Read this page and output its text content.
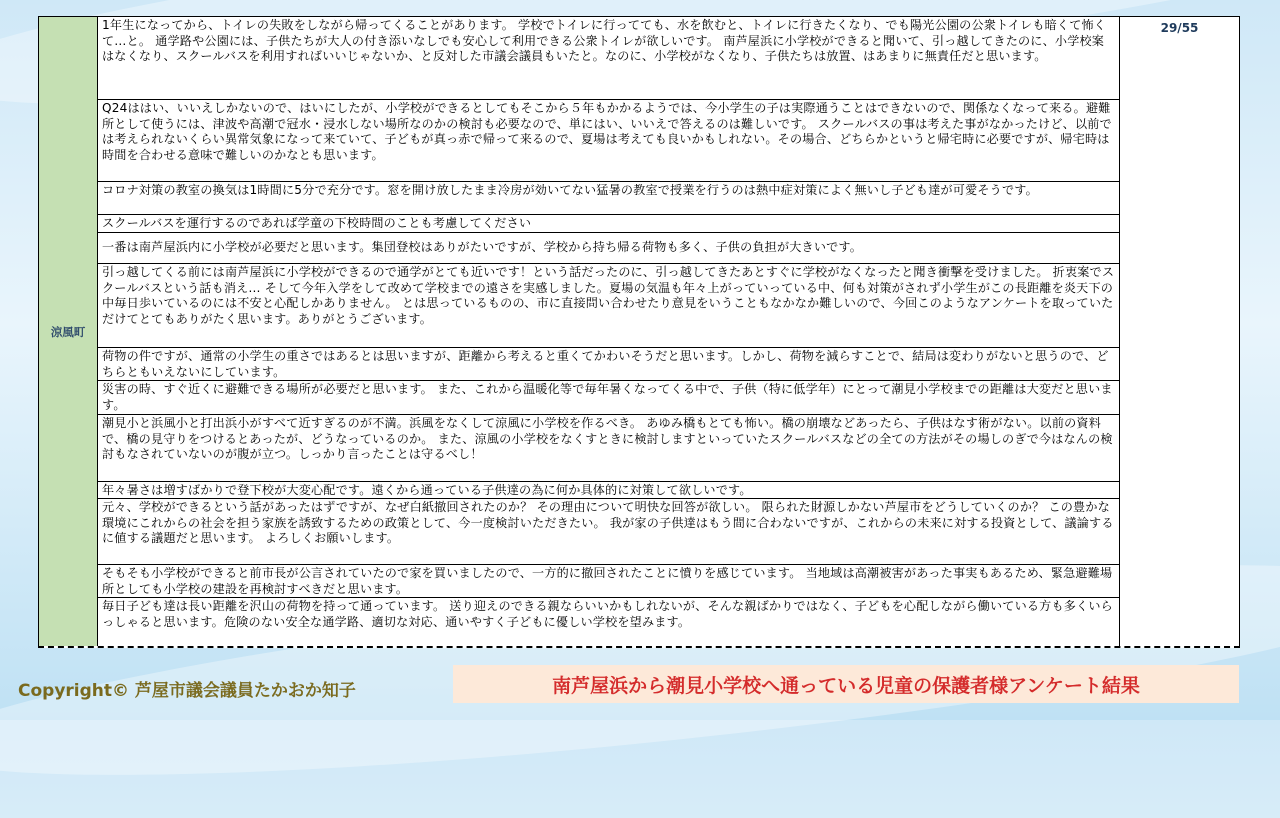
涼風町
1年生になってから、トイレの失敗をしながら帰ってくることがあります。 学校でトイレに行ってても、水を飲むと、トイレに行きたくなり、でも陽光公園の公衆トイレも暗くて怖くて…と。 通学路や公園には、子供たちが大人の付き添いなしでも安心して利用できる公衆トイレが欲しいです。 南芦屋浜に小学校ができると聞いて、引っ越してきたのに、小学校案はなくなり、スクールバスを利用すればいいじゃないか、と反対した市議会議員もいたと。なのに、小学校がなくなり、子供たちは放置、はあまりに無責任だと思います。
Q24ははい、いいえしかないので、はいにしたが、小学校ができるとしてもそこから５年もかかるようでは、今小学生の子は実際通うことはできないので、関係なくなって来る。避難所として使うには、津波や高潮で冠水・浸水しない場所なのかの検討も必要なので、単にはい、いいえで答えるのは難しいです。 スクールバスの事は考えた事がなかったけど、以前では考えられないくらい異常気象になって来ていて、子どもが真っ赤で帰って来るので、夏場は考えても良いかもしれない。その場合、どちらかというと帰宅時に必要ですが、帰宅時は時間を合わせる意味で難しいのかなとも思います。
コロナ対策の教室の換気は1時間に5分で充分です。窓を開け放したまま冷房が効いてない猛暑の教室で授業を行うのは熱中症対策によく無いし子ども達が可愛そうです。
スクールバスを運行するのであれば学童の下校時間のことも考慮してください
一番は南芦屋浜内に小学校が必要だと思います。集団登校はありがたいですが、学校から持ち帰る荷物も多く、子供の負担が大きいです。
引っ越してくる前には南芦屋浜に小学校ができるので通学がとても近いです！という話だったのに、引っ越してきたあとすぐに学校がなくなったと聞き衝撃を受けました。 折衷案でスクールバスという話も消え… そして今年入学をして改めて学校までの遠さを実感しました。夏場の気温も年々上がっていっている中、何も対策がされず小学生がこの長距離を炎天下の中毎日歩いているのには不安と心配しかありません。 とは思っているものの、市に直接問い合わせたり意見をいうこともなかなか難しいので、今回このようなアンケートを取っていただけてとてもありがたく思います。ありがとうございます。
荷物の件ですが、通常の小学生の重さではあるとは思いますが、距離から考えると重くてかわいそうだと思います。しかし、荷物を減らすことで、結局は変わりがないと思うので、どちらともいえないにしています。
災害の時、すぐ近くに避難できる場所が必要だと思います。 また、これから温暖化等で毎年暑くなってくる中で、子供（特に低学年）にとって潮見小学校までの距離は大変だと思います。
潮見小と浜風小と打出浜小がすべて近すぎるのが不満。浜風をなくして涼風に小学校を作るべき。 あゆみ橋もとても怖い。橋の崩壊などあったら、子供はなす術がない。以前の資料で、橋の見守りをつけるとあったが、どうなっているのか。 また、涼風の小学校をなくすときに検討しますといっていたスクールバスなどの全ての方法がその場しのぎで今はなんの検討もなされていないのが腹が立つ。しっかり言ったことは守るべし！
年々暑さは増すばかりで登下校が大変心配です。遠くから通っている子供達の為に何か具体的に対策して欲しいです。
元々、学校ができるという話があったはずですが、なぜ白紙撤回されたのか？ その理由について明快な回答が欲しい。 限られた財源しかない芦屋市をどうしていくのか？ この豊かな環境にこれからの社会を担う家族を誘致するための政策として、今一度検討いただきたい。 我が家の子供達はもう間に合わないですが、これからの未来に対する投資として、議論するに値する議題だと思います。 よろしくお願いします。
そもそも小学校ができると前市長が公言されていたので家を買いましたので、一方的に撤回されたことに憤りを感じています。 当地域は高潮被害があった事実もあるため、緊急避難場所としても小学校の建設を再検討すべきだと思います。
毎日子ども達は長い距離を沢山の荷物を持って通っています。 送り迎えのできる親ならいいかもしれないが、そんな親ばかりではなく、子どもを心配しながら働いている方も多くいらっしゃると思います。危険のない安全な通学路、適切な対応、通いやすく子どもに優しい学校を望みます。
29/55
Copyright© 芦屋市議会議員たかおか知子	南芦屋浜から潮見小学校へ通っている児童の保護者様アンケート結果
